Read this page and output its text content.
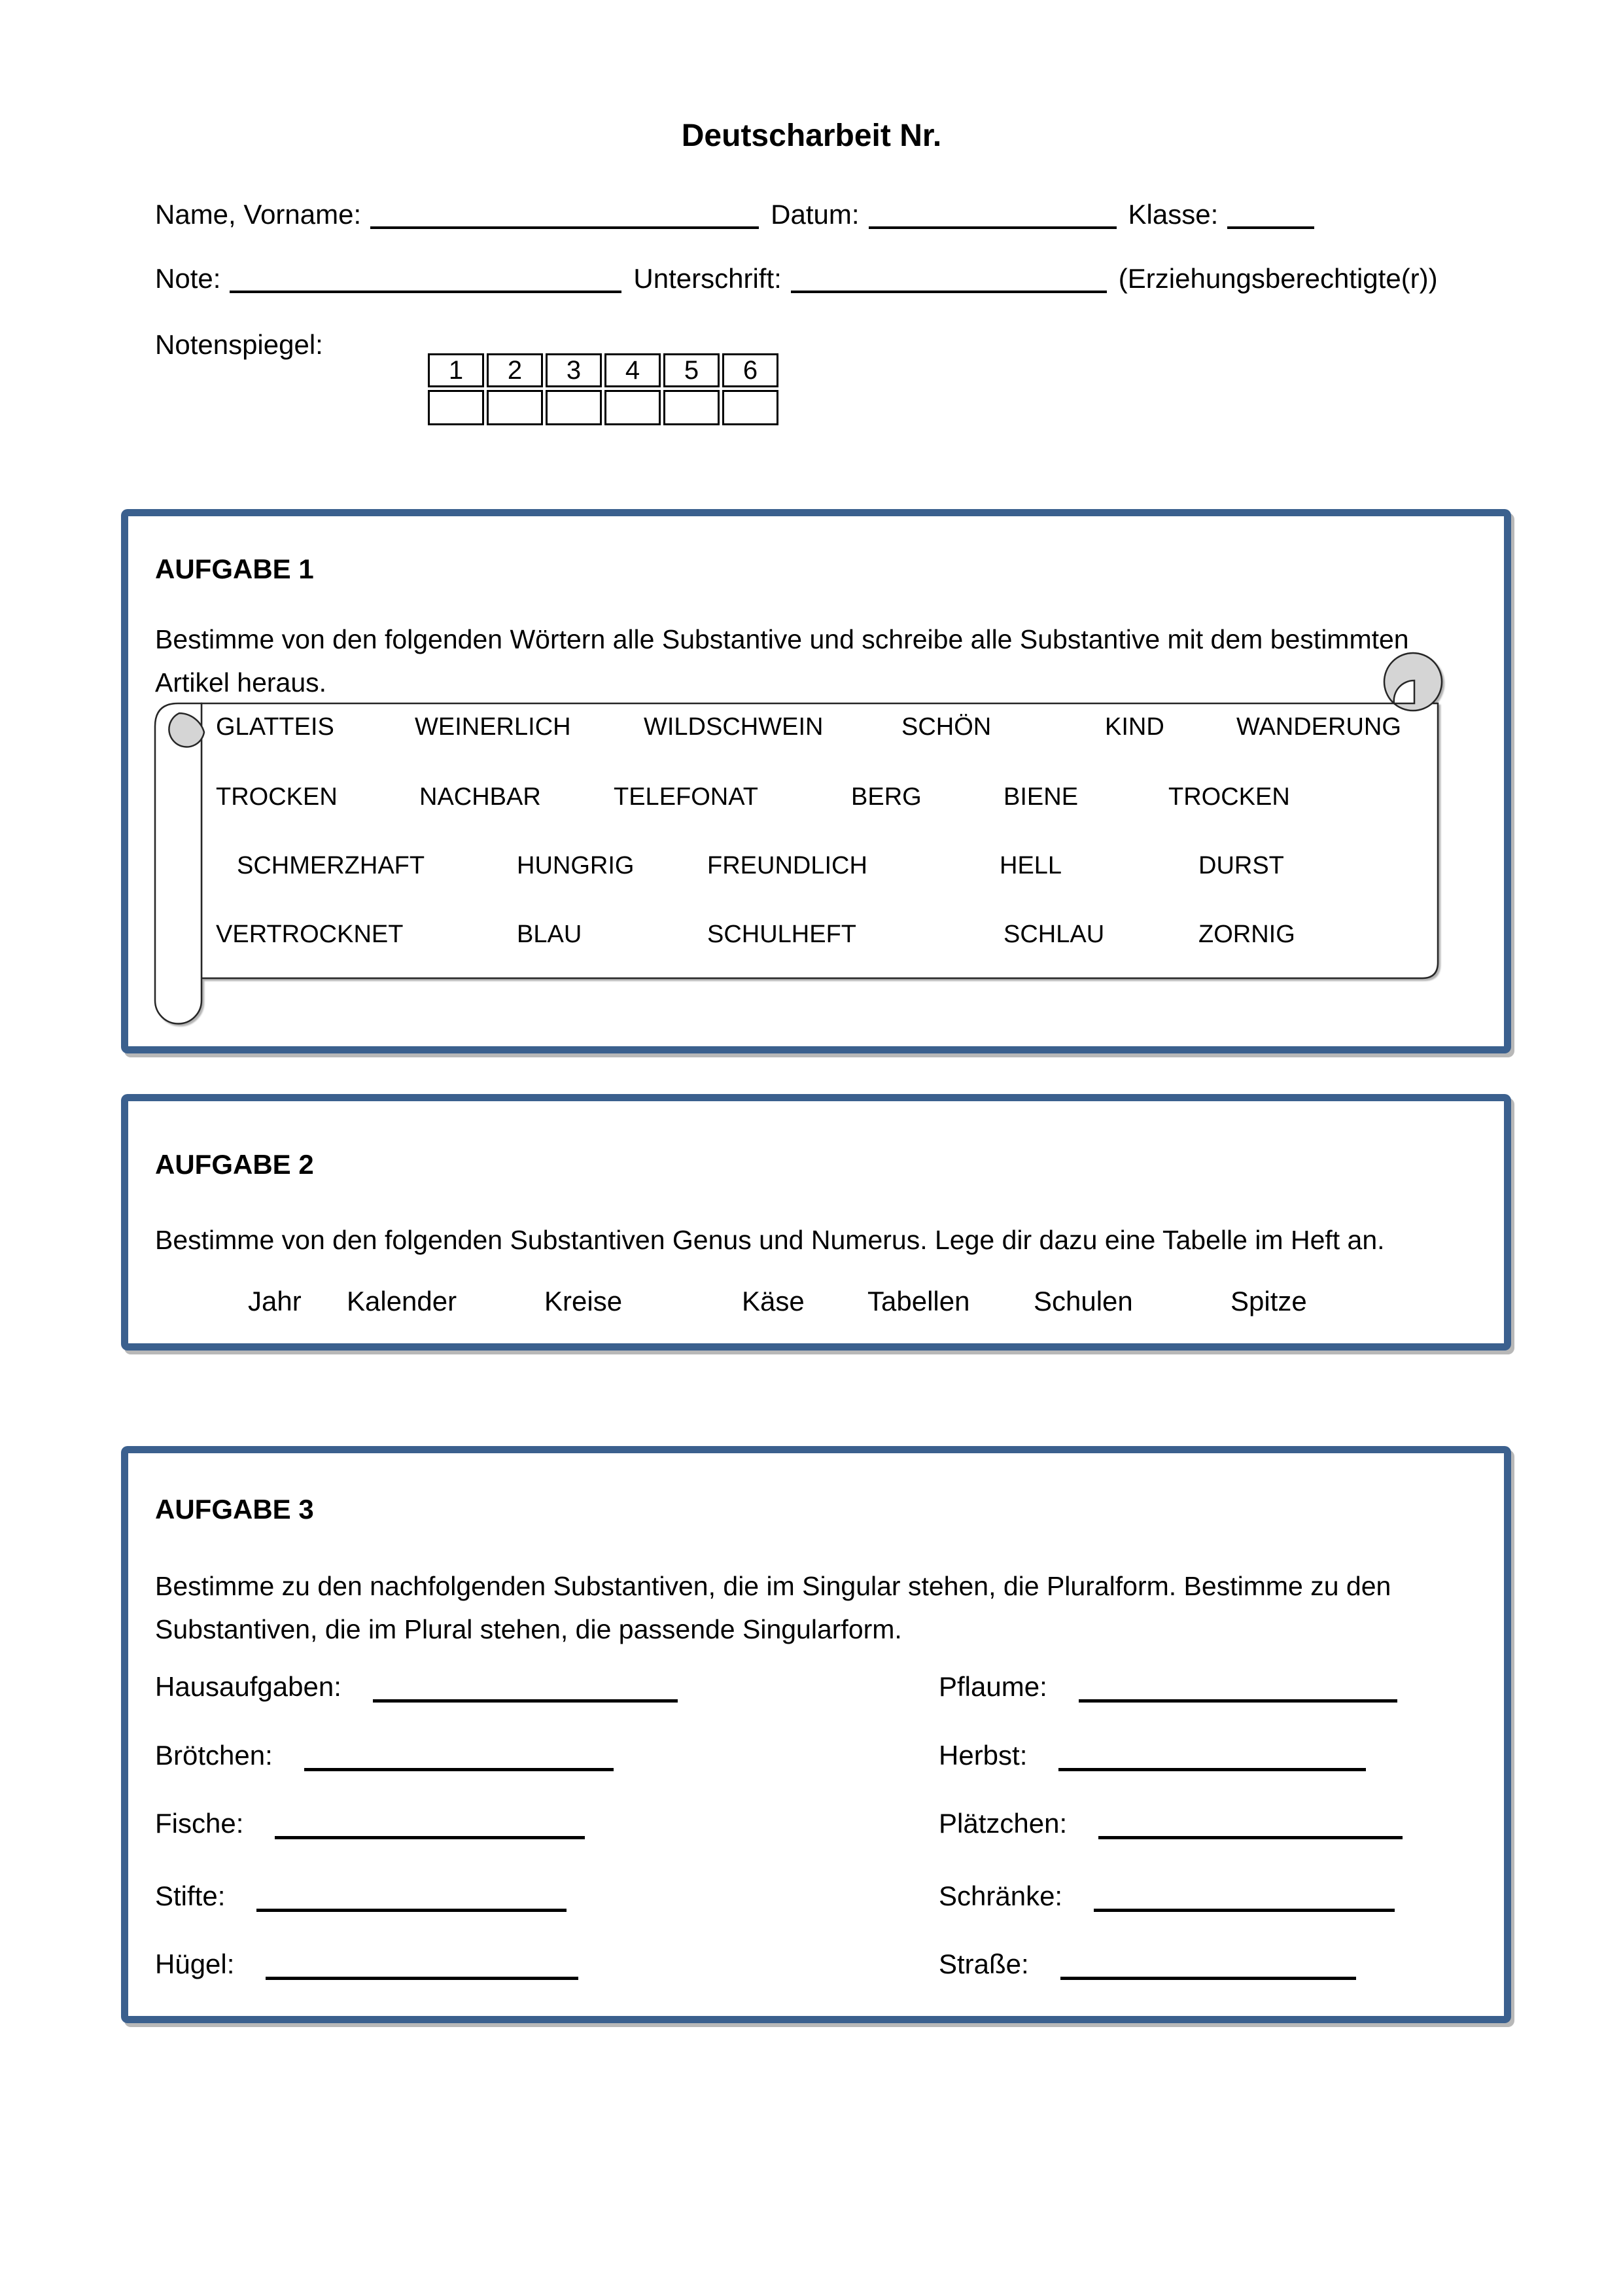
Deutscharbeit Nr.
Name, Vorname:	Datum:	Klasse:
Note:	Unterschrift:	(Erziehungsberechtigte(r))
Notenspiegel:
1	2	3	4	5	6

AUFGABE 1
Bestimme von den folgenden Wörtern alle Substantive und schreibe alle Substantive mit dem bestimmten Artikel heraus.
GLATTEIS	WEINERLICH	WILDSCHWEIN	SCHÖN	KIND	WANDERUNG
TROCKEN	NACHBAR	TELEFONAT	BERG	BIENE	TROCKEN
SCHMERZHAFT	HUNGRIG	FREUNDLICH	HELL	DURST
VERTROCKNET	BLAU	SCHULHEFT	SCHLAU	ZORNIG
AUFGABE 2
Bestimme von den folgenden Substantiven Genus und Numerus. Lege dir dazu eine Tabelle im Heft an.
Jahr Kalender	Kreise	Käse Tabellen Schulen	Spitze
AUFGABE 3
Bestimme zu den nachfolgenden Substantiven, die im Singular stehen, die Pluralform. Bestimme zu den Substantiven, die im Plural stehen, die passende Singularform.
Hausaufgaben:
Brötchen:
Fische:
Stifte:
Hügel:
Pflaume:
Herbst:
Plätzchen:
Schränke:
Straße:
